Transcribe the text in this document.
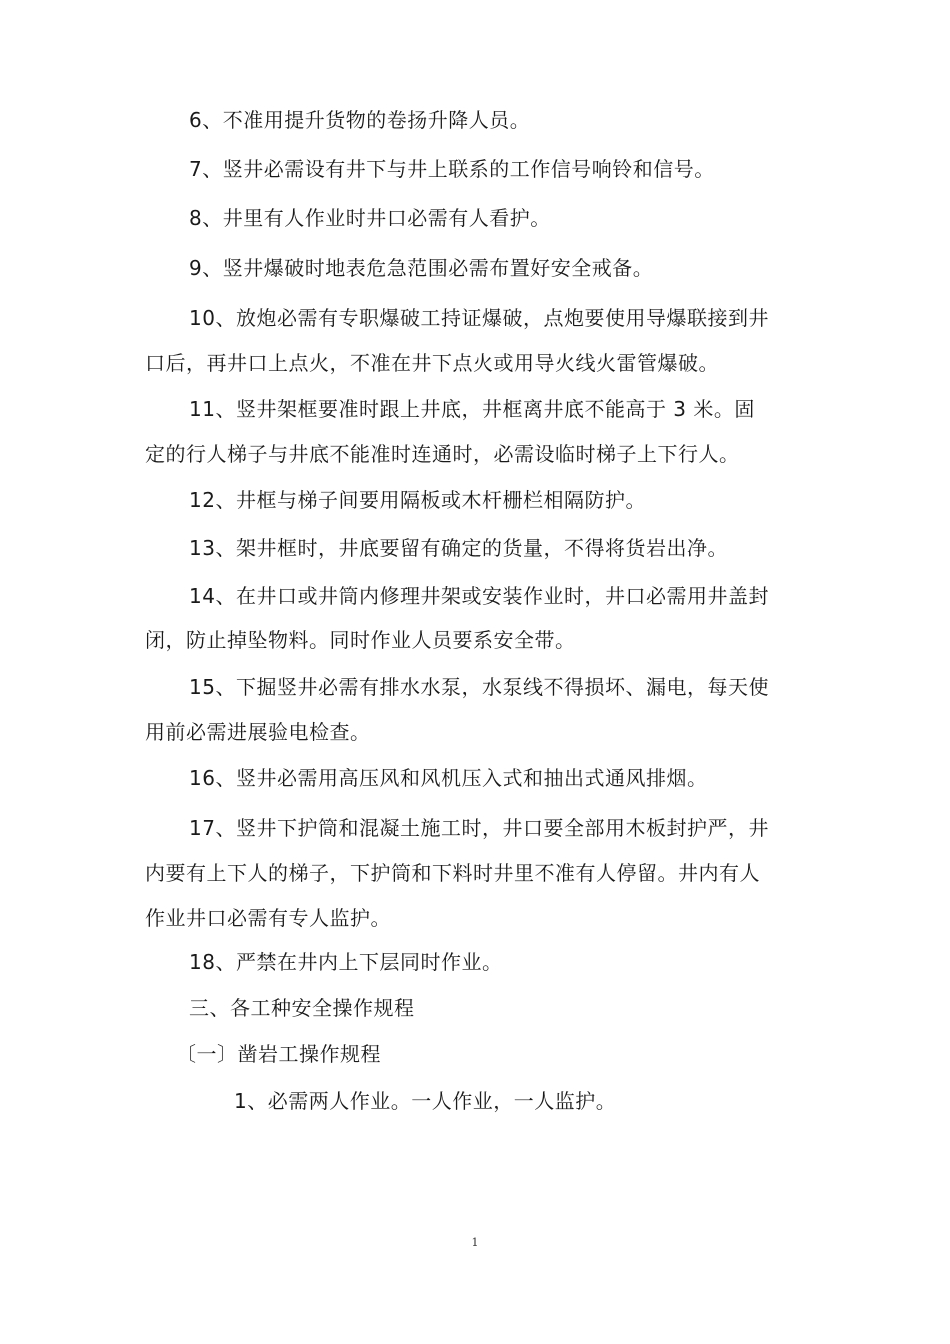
6、不准用提升货物的卷扬升降人员。
7、竖井必需设有井下与井上联系的工作信号响铃和信号。
8、井里有人作业时井口必需有人看护。
9、竖井爆破时地表危急范围必需布置好安全戒备。
10、放炮必需有专职爆破工持证爆破，点炮要使用导爆联接到井
口后，再井口上点火，不准在井下点火或用导火线火雷管爆破。
11、竖井架框要准时跟上井底，井框离井底不能高于 3 米。固
定的行人梯子与井底不能准时连通时，必需设临时梯子上下行人。
12、井框与梯子间要用隔板或木杆栅栏相隔防护。
13、架井框时，井底要留有确定的货量，不得将货岩出净。
14、在井口或井筒内修理井架或安装作业时，井口必需用井盖封
闭，防止掉坠物料。同时作业人员要系安全带。
15、下掘竖井必需有排水水泵，水泵线不得损坏、漏电，每天使
用前必需进展验电检查。
16、竖井必需用高压风和风机压入式和抽出式通风排烟。
17、竖井下护筒和混凝土施工时，井口要全部用木板封护严，井
内要有上下人的梯子，下护筒和下料时井里不准有人停留。井内有人
作业井口必需有专人监护。
18、严禁在井内上下层同时作业。
三、各工种安全操作规程
〔一〕凿岩工操作规程
1、必需两人作业。一人作业，一人监护。
1
